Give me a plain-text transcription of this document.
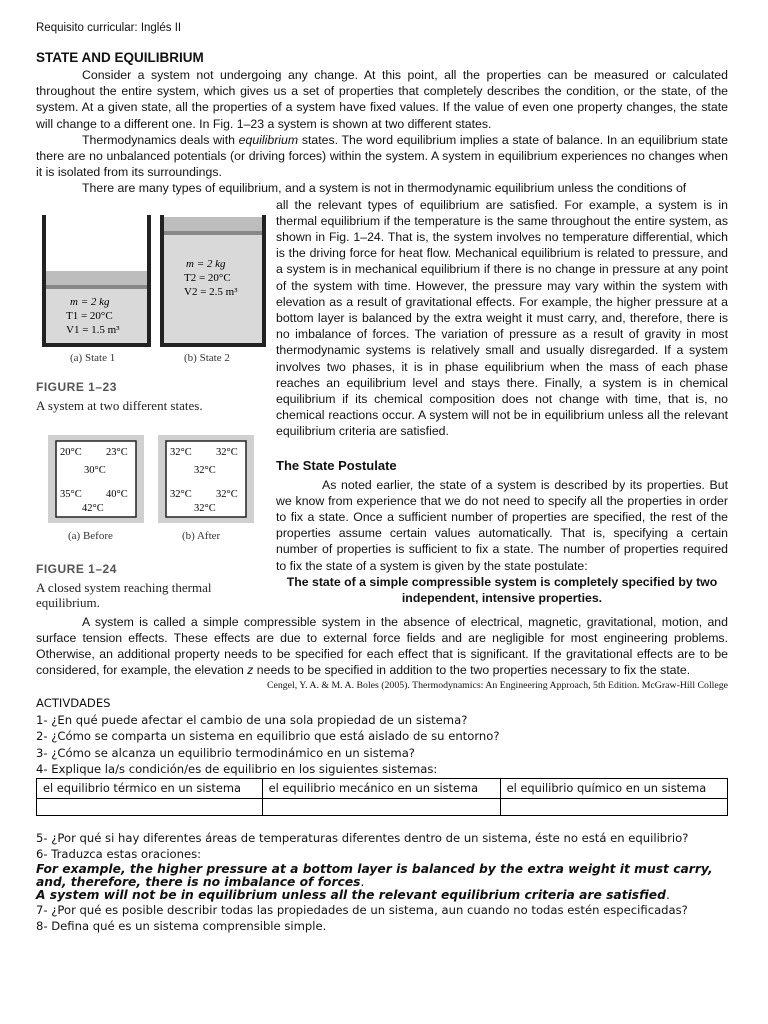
Requisito curricular: Inglés II
STATE AND EQUILIBRIUM

Consider a system not undergoing any change. At this point, all the properties can be measured or calculated throughout the entire system, which gives us a set of properties that completely describes the condition, or the state, of the system. At a given state, all the properties of a system have fixed values. If the value of even one property changes, the state will change to a different one. In Fig. 1–23 a system is shown at two different states.

Thermodynamics deals with equilibrium states. The word equilibrium implies a state of balance. In an equilibrium state there are no unbalanced potentials (or driving forces) within the system. A system in equilibrium experiences no changes when it is isolated from its surroundings.

There are many types of equilibrium, and a system is not in thermodynamic equilibrium unless the conditions of

m = 2 kg
T1 = 20°C
V1 = 1.5 m³
(a) State 1
m = 2 kg
T2 = 20°C
V2 = 2.5 m³
(b) State 2
FIGURE 1–23
A system at two different states.
20°C 23°C
30°C
35°C 40°C
42°C
(a) Before
32°C 32°C
32°C
32°C 32°C
32°C
(b) After
FIGURE 1–24
A closed system reaching thermal equilibrium.

all the relevant types of equilibrium are satisfied. For example, a system is in thermal equilibrium if the temperature is the same throughout the entire system, as shown in Fig. 1–24. That is, the system involves no temperature differential, which is the driving force for heat flow. Mechanical equilibrium is related to pressure, and a system is in mechanical equilibrium if there is no change in pressure at any point of the system with time. However, the pressure may vary within the system with elevation as a result of gravitational effects. For example, the higher pressure at a bottom layer is balanced by the extra weight it must carry, and, therefore, there is no imbalance of forces. The variation of pressure as a result of gravity in most thermodynamic systems is relatively small and usually disregarded. If a system involves two phases, it is in phase equilibrium when the mass of each phase reaches an equilibrium level and stays there. Finally, a system is in chemical equilibrium if its chemical composition does not change with time, that is, no chemical reactions occur. A system will not be in equilibrium unless all the relevant equilibrium criteria are satisfied.

The State Postulate

As noted earlier, the state of a system is described by its properties. But we know from experience that we do not need to specify all the properties in order to fix a state. Once a sufficient number of properties are specified, the rest of the properties assume certain values automatically. That is, specifying a certain number of properties is sufficient to fix a state. The number of properties required to fix the state of a system is given by the state postulate:

The state of a simple compressible system is completely specified by two independent, intensive properties.

A system is called a simple compressible system in the absence of electrical, magnetic, gravitational, motion, and surface tension effects. These effects are due to external force fields and are negligible for most engineering problems. Otherwise, an additional property needs to be specified for each effect that is significant. If the gravitational effects are to be considered, for example, the elevation z needs to be specified in addition to the two properties necessary to fix the state.

Cengel, Y. A. & M. A. Boles (2005). Thermodynamics: An Engineering Approach, 5th Edition. McGraw-Hill College
ACTIVDADES
1- ¿En qué puede afectar el cambio de una sola propiedad de un sistema?
2- ¿Cómo se comparta un sistema en equilibrio que está aislado de su entorno?
3- ¿Cómo se alcanza un equilibrio termodinámico en un sistema?
4- Explique la/s condición/es de equilibrio en los siguientes sistemas:
el equilibrio térmico en un sistema	el equilibrio mecánico en un sistema	el equilibrio químico en un sistema

5- ¿Por qué si hay diferentes áreas de temperaturas diferentes dentro de un sistema, éste no está en equilibrio?
6- Traduzca estas oraciones:
For example, the higher pressure at a bottom layer is balanced by the extra weight it must carry, and, therefore, there is no imbalance of forces.
A system will not be in equilibrium unless all the relevant equilibrium criteria are satisfied.
7- ¿Por qué es posible describir todas las propiedades de un sistema, aun cuando no todas estén especificadas?
8- Defina qué es un sistema comprensible simple.
